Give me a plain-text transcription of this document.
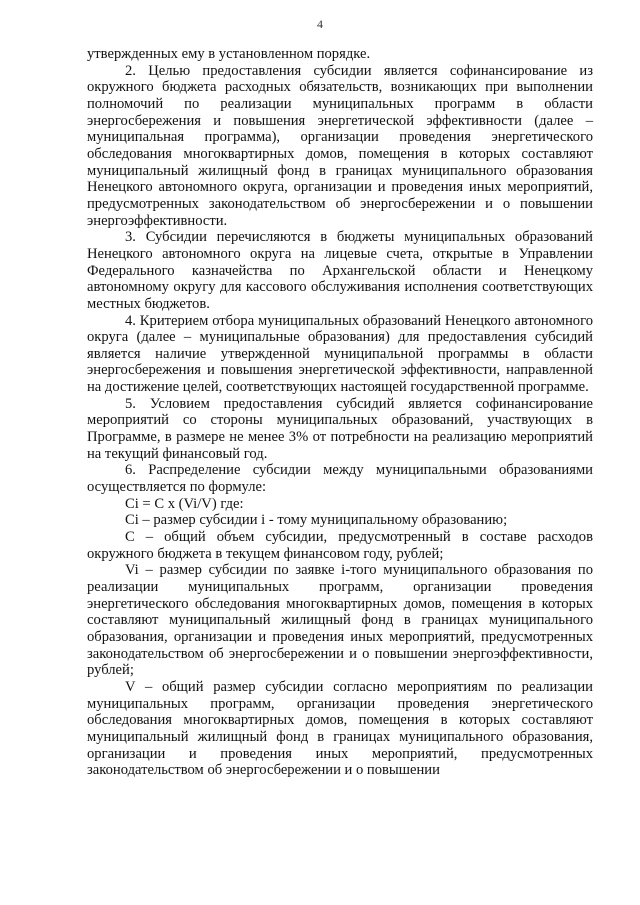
4

утвержденных ему в установленном порядке.

2. Целью предоставления субсидии является софинансирование из окружного бюджета расходных обязательств, возникающих при выполнении полномочий по реализации муниципальных программ в области энергосбережения и повышения энергетической эффективности (далее – муниципальная программа), организации проведения энергетического обследования многоквартирных домов, помещения в которых составляют муниципальный жилищный фонд в границах муниципального образования Ненецкого автономного округа, организации и проведения иных мероприятий, предусмотренных законодательством об энергосбережении и о повышении энергоэффективности.

3. Субсидии перечисляются в бюджеты муниципальных образований Ненецкого автономного округа на лицевые счета, открытые в Управлении Федерального казначейства по Архангельской области и Ненецкому автономному округу для кассового обслуживания исполнения соответствующих местных бюджетов.

4. Критерием отбора муниципальных образований Ненецкого автономного округа (далее – муниципальные образования) для предоставления субсидий является наличие утвержденной муниципальной программы в области энергосбережения и повышения энергетической эффективности, направленной на достижение целей, соответствующих настоящей государственной программе.

5. Условием предоставления субсидий является софинансирование мероприятий со стороны муниципальных образований, участвующих в Программе, в размере не менее 3% от потребности на реализацию мероприятий на текущий финансовый год.

6. Распределение субсидии между муниципальными образованиями осуществляется по формуле:

Ci = C x (Vi/V) где:

Ci – размер субсидии i - тому муниципальному образованию;

C – общий объем субсидии, предусмотренный в составе расходов окружного бюджета в текущем финансовом году, рублей;

Vi – размер субсидии по заявке i-того муниципального образования по реализации муниципальных программ, организации проведения энергетического обследования многоквартирных домов, помещения в которых составляют муниципальный жилищный фонд в границах муниципального образования, организации и проведения иных мероприятий, предусмотренных законодательством об энергосбережении и о повышении энергоэффективности, рублей;

V – общий размер субсидии согласно мероприятиям по реализации муниципальных программ, организации проведения энергетического обследования многоквартирных домов, помещения в которых составляют муниципальный жилищный фонд в границах муниципального образования, организации и проведения иных мероприятий, предусмотренных законодательством об энергосбережении и о повышении
